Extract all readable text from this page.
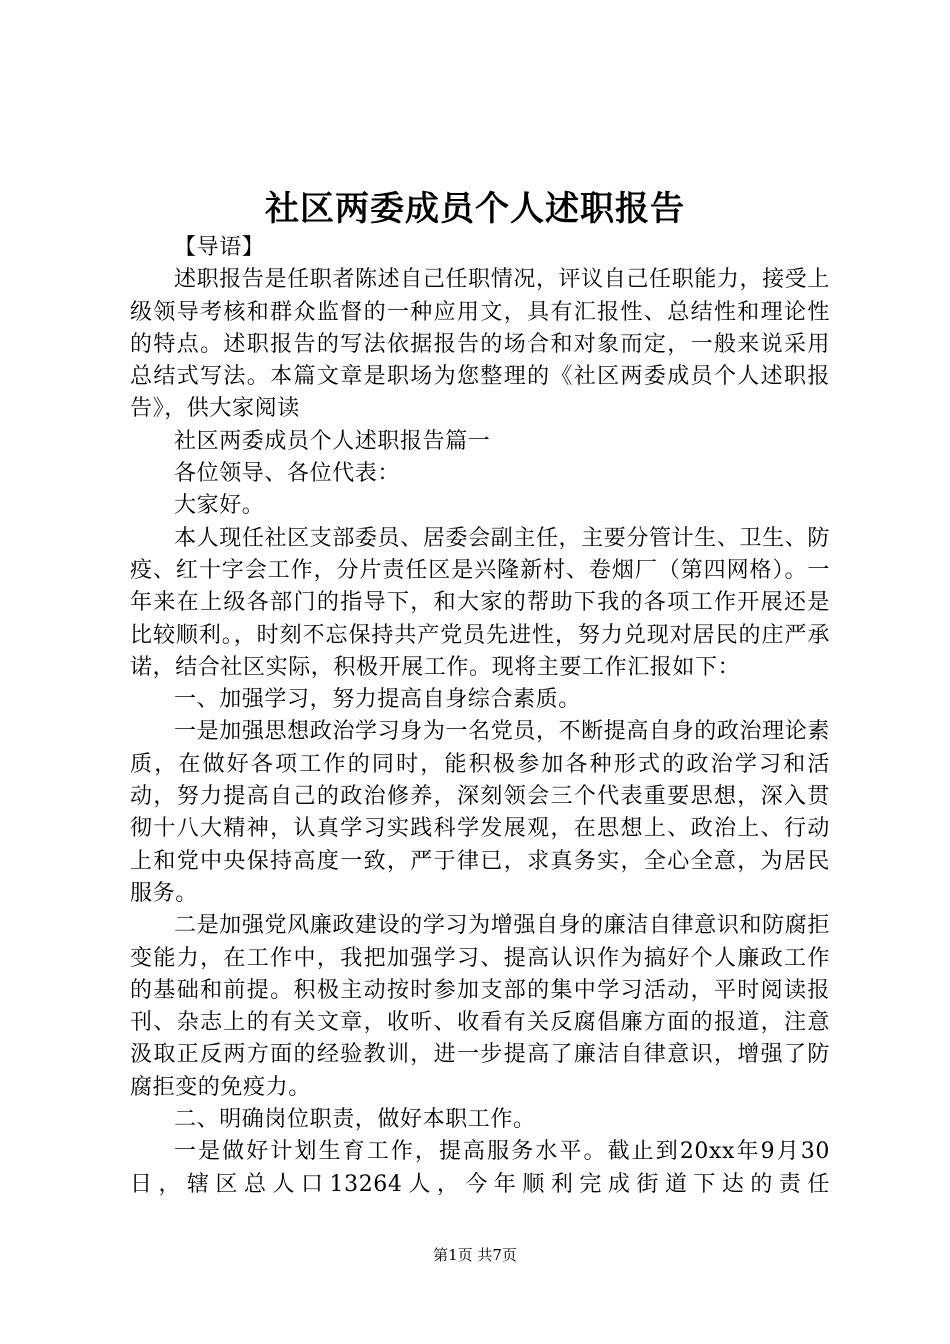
社区两委成员个人述职报告

【导语】

述职报告是任职者陈述自己任职情况，评议自己任职能力，接受上级领导考核和群众监督的一种应用文，具有汇报性、总结性和理论性的特点。述职报告的写法依据报告的场合和对象而定，一般来说采用总结式写法。本篇文章是职场为您整理的《社区两委成员个人述职报告》，供大家阅读

社区两委成员个人述职报告篇一

各位领导、各位代表：

大家好。

本人现任社区支部委员、居委会副主任，主要分管计生、卫生、防疫、红十字会工作，分片责任区是兴隆新村、卷烟厂（第四网格）。一年来在上级各部门的指导下，和大家的帮助下我的各项工作开展还是比较顺利。，时刻不忘保持共产党员先进性，努力兑现对居民的庄严承诺，结合社区实际，积极开展工作。现将主要工作汇报如下：

一、加强学习，努力提高自身综合素质。

一是加强思想政治学习身为一名党员，不断提高自身的政治理论素质，在做好各项工作的同时，能积极参加各种形式的政治学习和活动，努力提高自己的政治修养，深刻领会三个代表重要思想，深入贯彻十八大精神，认真学习实践科学发展观，在思想上、政治上、行动上和党中央保持高度一致，严于律已，求真务实，全心全意，为居民服务。

二是加强党风廉政建设的学习为增强自身的廉洁自律意识和防腐拒变能力，在工作中，我把加强学习、提高认识作为搞好个人廉政工作的基础和前提。积极主动按时参加支部的集中学习活动，平时阅读报刊、杂志上的有关文章，收听、收看有关反腐倡廉方面的报道，注意汲取正反两方面的经验教训，进一步提高了廉洁自律意识，增强了防腐拒变的免疫力。

二、明确岗位职责，做好本职工作。

一是做好计划生育工作，提高服务水平。截止到20xx年9月30日，辖区总人口13264人，今年顺利完成街道下达的责任

第1页 共7页
